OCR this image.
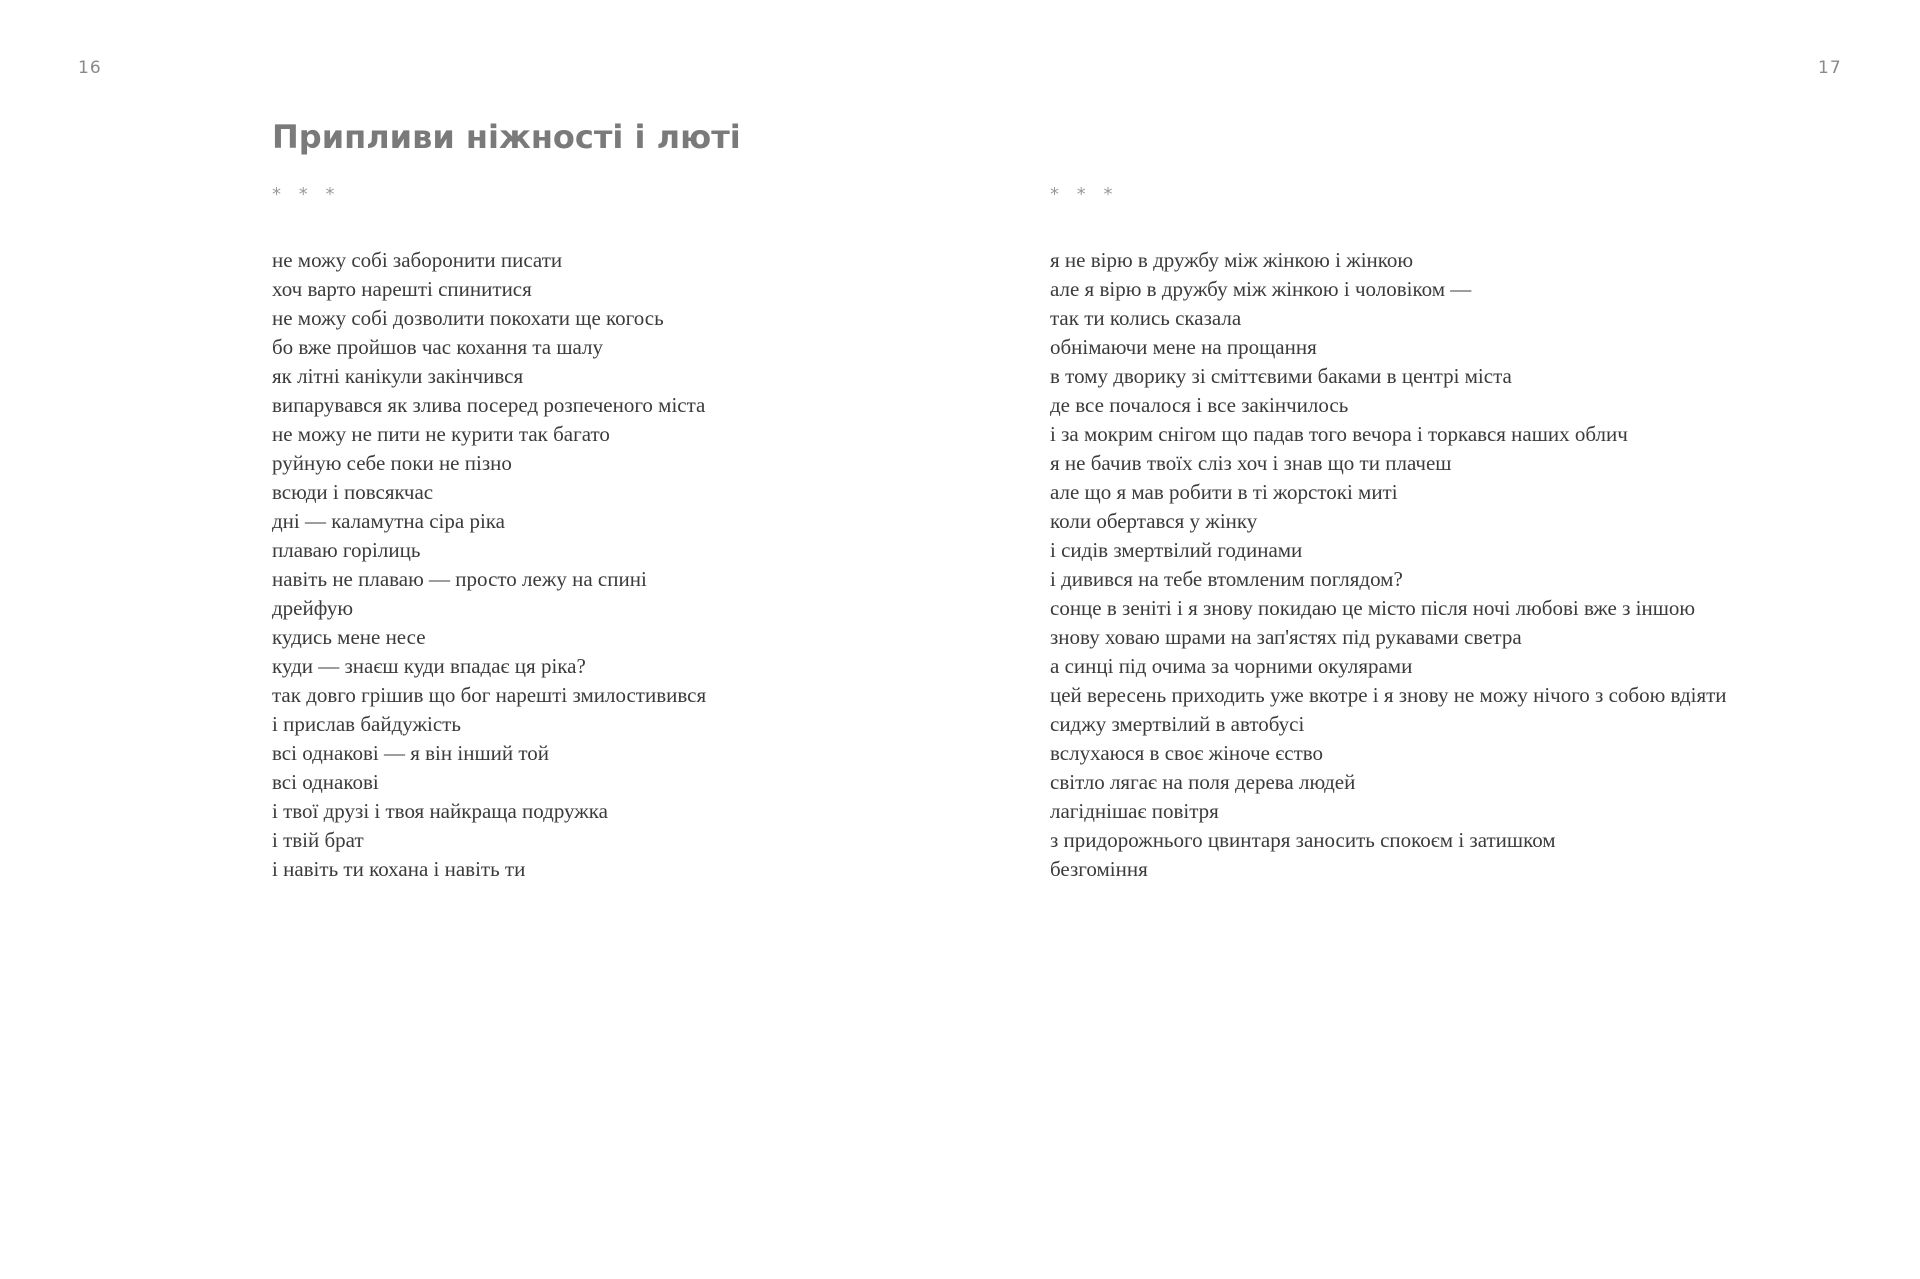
16	17
Припливи ніжності і люті
* * *	* * *
не можу собі заборонити писати
хоч варто нарешті спинитися
не можу собі дозволити покохати ще когось
бо вже пройшов час кохання та шалу
як літні канікули закінчився
випарувався як злива посеред розпеченого міста
не можу не пити не курити так багато
руйную себе поки не пізно
всюди і повсякчас
дні — каламутна сіра ріка
плаваю горілиць
навіть не плаваю — просто лежу на спині
дрейфую
кудись мене несе
куди — знаєш куди впадає ця ріка?
так довго грішив що бог нарешті змилостивився
і прислав байдужість
всі однакові — я він інший той
всі однакові
і твої друзі і твоя найкраща подружка
і твій брат
і навіть ти кохана і навіть ти
я не вірю в дружбу між жінкою і жінкою
але я вірю в дружбу між жінкою і чоловіком —
так ти колись сказала
обнімаючи мене на прощання
в тому дворику зі сміттєвими баками в центрі міста
де все почалося і все закінчилось
і за мокрим снігом що падав того вечора і торкався наших облич
я не бачив твоїх сліз хоч і знав що ти плачеш
але що я мав робити в ті жорстокі миті
коли обертався у жінку
і сидів змертвілий годинами
і дивився на тебе втомленим поглядом?
сонце в зеніті і я знову покидаю це місто після ночі любові вже з іншою
знову ховаю шрами на зап'ястях під рукавами светра
а синці під очима за чорними окулярами
цей вересень приходить уже вкотре і я знову не можу нічого з собою вдіяти
сиджу змертвілий в автобусі
вслухаюся в своє жіноче єство
світло лягає на поля дерева людей
лагіднішає повітря
з придорожнього цвинтаря заносить спокоєм і затишком
безгоміння
